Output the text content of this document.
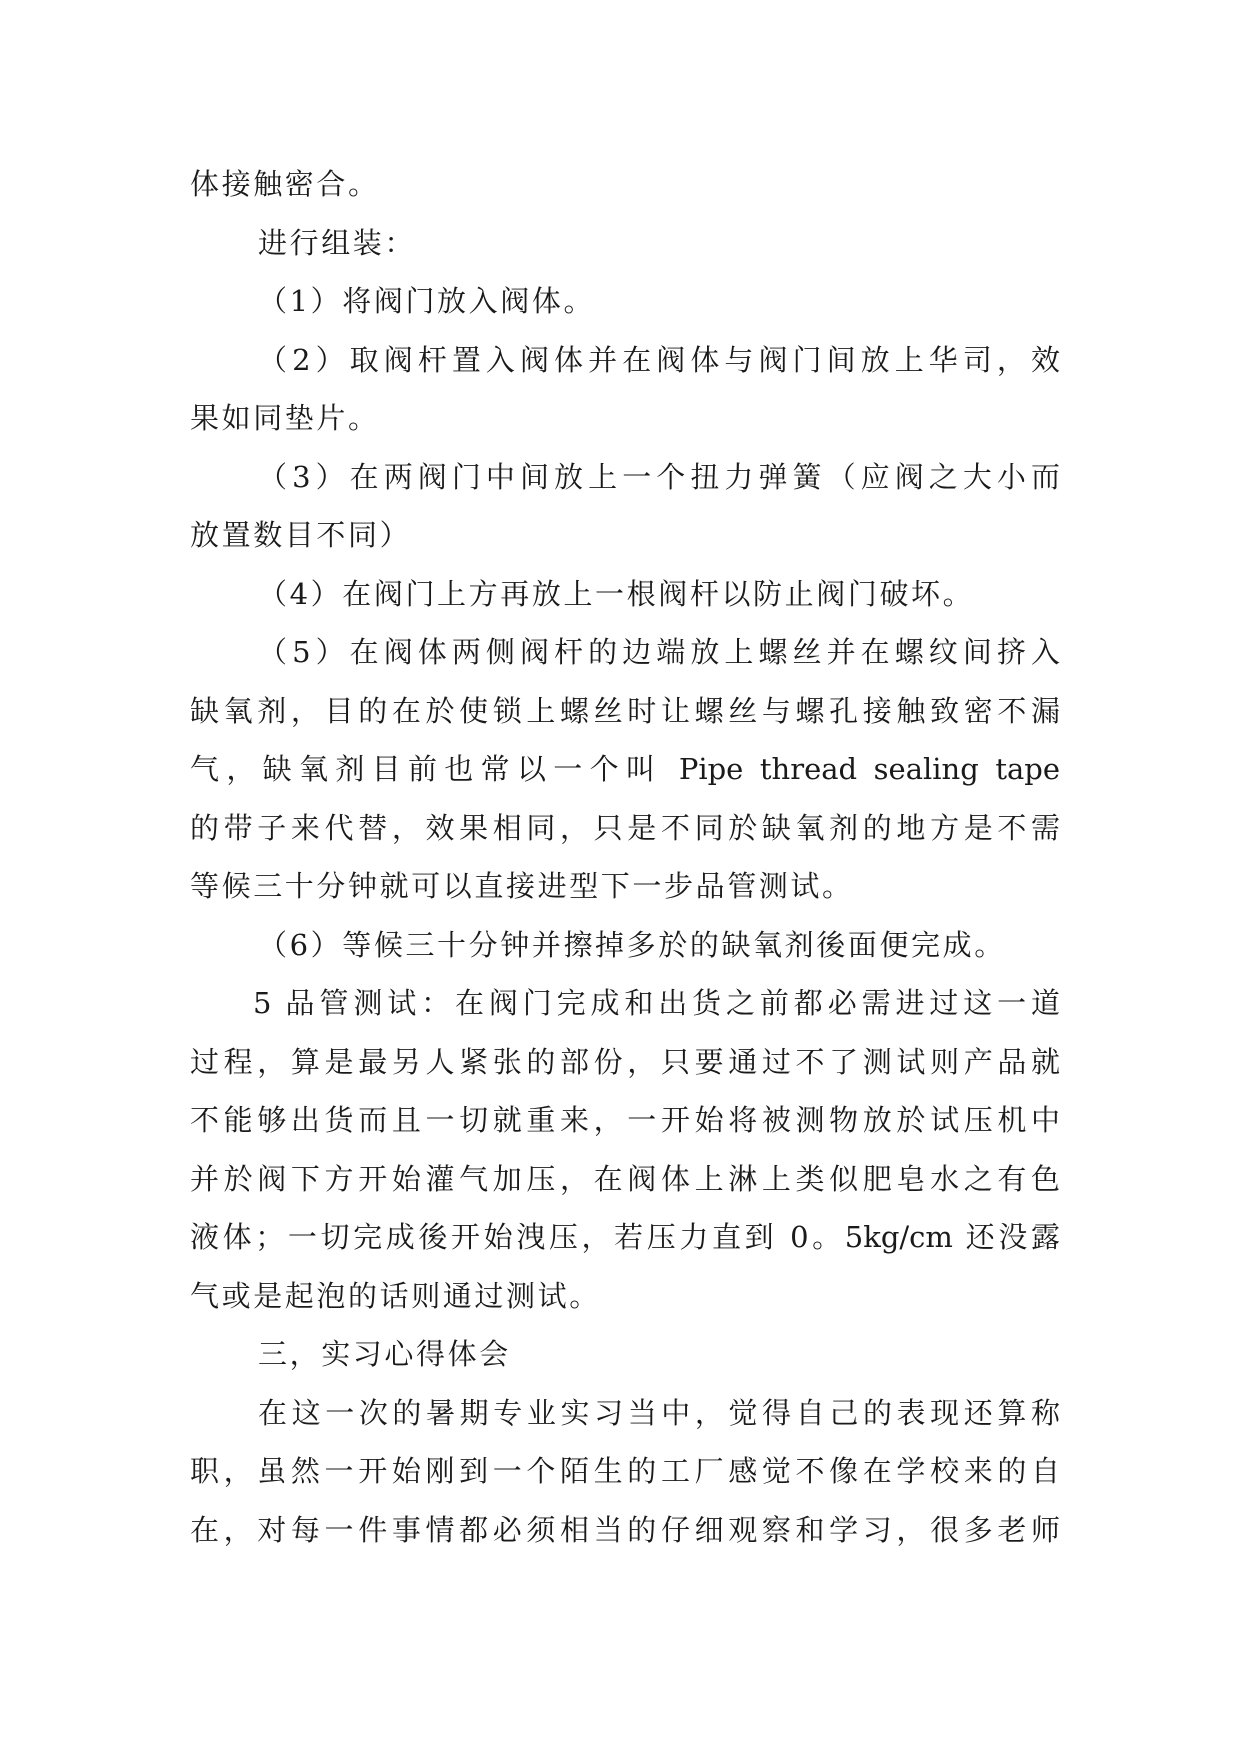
体接触密合。
进行组装：
（1）将阀门放入阀体。
（2）取阀杆置入阀体并在阀体与阀门间放上华司，效
果如同垫片。
（3）在两阀门中间放上一个扭力弹簧（应阀之大小而
放置数目不同）
（4）在阀门上方再放上一根阀杆以防止阀门破坏。
（5）在阀体两侧阀杆的边端放上螺丝并在螺纹间挤入
缺氧剂，目的在於使锁上螺丝时让螺丝与螺孔接触致密不漏
气，缺氧剂目前也常以一个叫 Pipe thread sealing tape
的带子来代替，效果相同，只是不同於缺氧剂的地方是不需
等候三十分钟就可以直接进型下一步品管测试。
（6）等候三十分钟并擦掉多於的缺氧剂後面便完成。
5 品管测试：在阀门完成和出货之前都必需进过这一道
过程，算是最另人紧张的部份，只要通过不了测试则产品就
不能够出货而且一切就重来，一开始将被测物放於试压机中
并於阀下方开始灌气加压，在阀体上淋上类似肥皂水之有色
液体；一切完成後开始洩压，若压力直到 0。5kg/cm 还没露
气或是起泡的话则通过测试。
三，实习心得体会
在这一次的暑期专业实习当中，觉得自己的表现还算称
职，虽然一开始刚到一个陌生的工厂感觉不像在学校来的自
在，对每一件事情都必须相当的仔细观察和学习，很多老师
